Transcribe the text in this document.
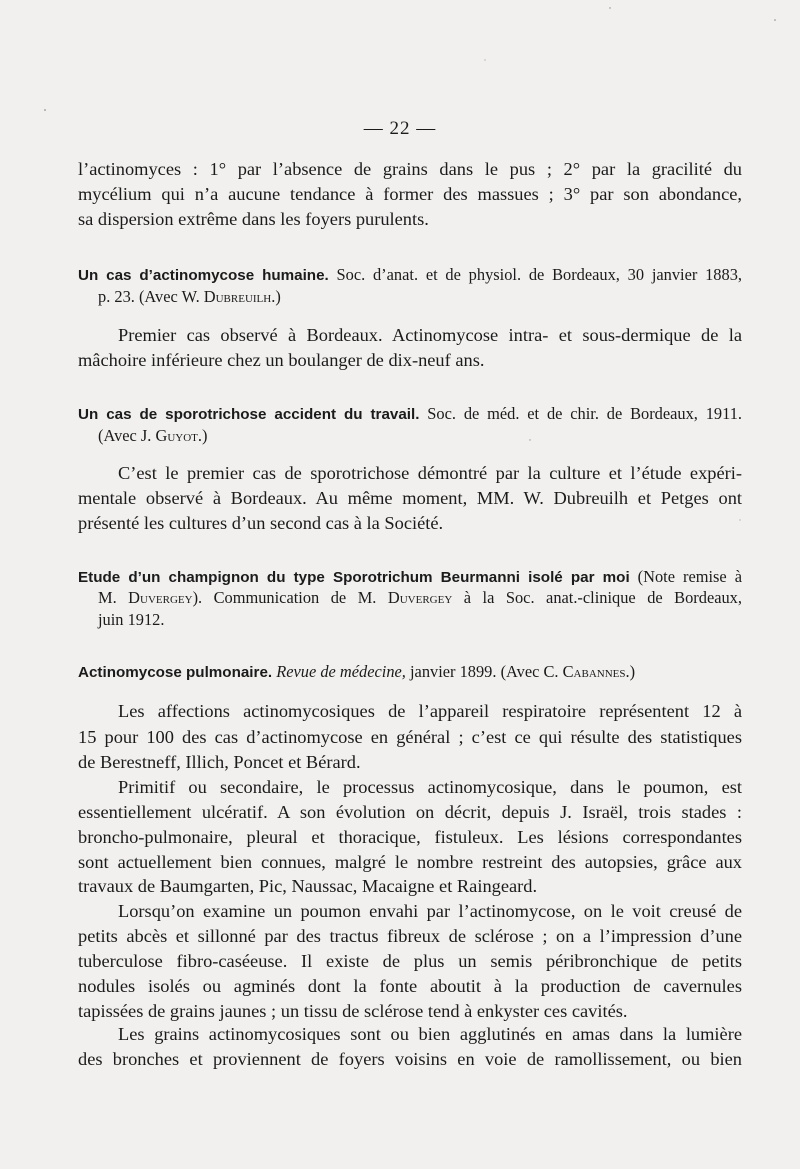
— 22 —
l’actinomyces : 1° par l’absence de grains dans le pus ; 2° par la gracilité du
mycélium qui n’a aucune tendance à former des massues ; 3° par son abondance,
sa dispersion extrême dans les foyers purulents.
Un cas d’actinomycose humaine. Soc. d’anat. et de physiol. de Bordeaux, 30 janvier 1883,
p. 23. (Avec W. Dubreuilh.)
Premier cas observé à Bordeaux. Actinomycose intra- et sous-dermique de la
mâchoire inférieure chez un boulanger de dix-neuf ans.
Un cas de sporotrichose accident du travail. Soc. de méd. et de chir. de Bordeaux, 1911.
(Avec J. Guyot.)
C’est le premier cas de sporotrichose démontré par la culture et l’étude expéri-
mentale observé à Bordeaux. Au même moment, MM. W. Dubreuilh et Petges ont
présenté les cultures d’un second cas à la Société.
Etude d’un champignon du type Sporotrichum Beurmanni isolé par moi (Note remise à
M. Duvergey). Communication de M. Duvergey à la Soc. anat.-clinique de Bordeaux,
juin 1912.
Actinomycose pulmonaire. Revue de médecine, janvier 1899. (Avec C. Cabannes.)
Les affections actinomycosiques de l’appareil respiratoire représentent 12 à
15 pour 100 des cas d’actinomycose en général ; c’est ce qui résulte des statistiques
de Berestneff, Illich, Poncet et Bérard.
Primitif ou secondaire, le processus actinomycosique, dans le poumon, est
essentiellement ulcératif. A son évolution on décrit, depuis J. Israël, trois stades :
broncho-pulmonaire, pleural et thoracique, fistuleux. Les lésions correspondantes
sont actuellement bien connues, malgré le nombre restreint des autopsies, grâce aux
travaux de Baumgarten, Pic, Naussac, Macaigne et Raingeard.
Lorsqu’on examine un poumon envahi par l’actinomycose, on le voit creusé de
petits abcès et sillonné par des tractus fibreux de sclérose ; on a l’impression d’une
tuberculose fibro-caséeuse. Il existe de plus un semis péribronchique de petits
nodules isolés ou agminés dont la fonte aboutit à la production de cavernules
tapissées de grains jaunes ; un tissu de sclérose tend à enkyster ces cavités.
Les grains actinomycosiques sont ou bien agglutinés en amas dans la lumière
des bronches et proviennent de foyers voisins en voie de ramollissement, ou bien
